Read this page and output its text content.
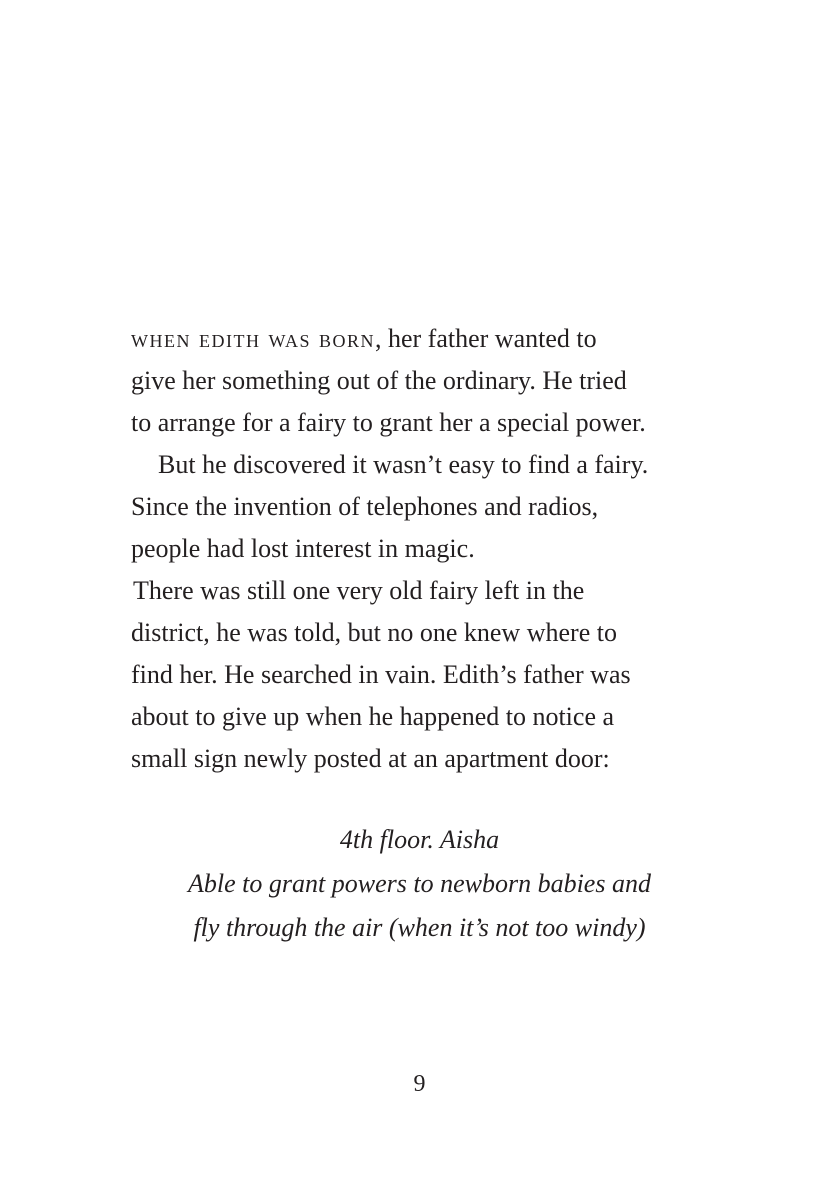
when edith was born, her father wanted to
give her something out of the ordinary. He tried
to arrange for a fairy to grant her a special power.
But he discovered it wasn’t easy to find a fairy.
Since the invention of telephones and radios,
people had lost interest in magic.
There was still one very old fairy left in the
district, he was told, but no one knew where to
find her. He searched in vain. Edith’s father was
about to give up when he happened to notice a
small sign newly posted at an apartment door:
4th floor. Aisha
Able to grant powers to newborn babies and
fly through the air (when it’s not too windy)
9
